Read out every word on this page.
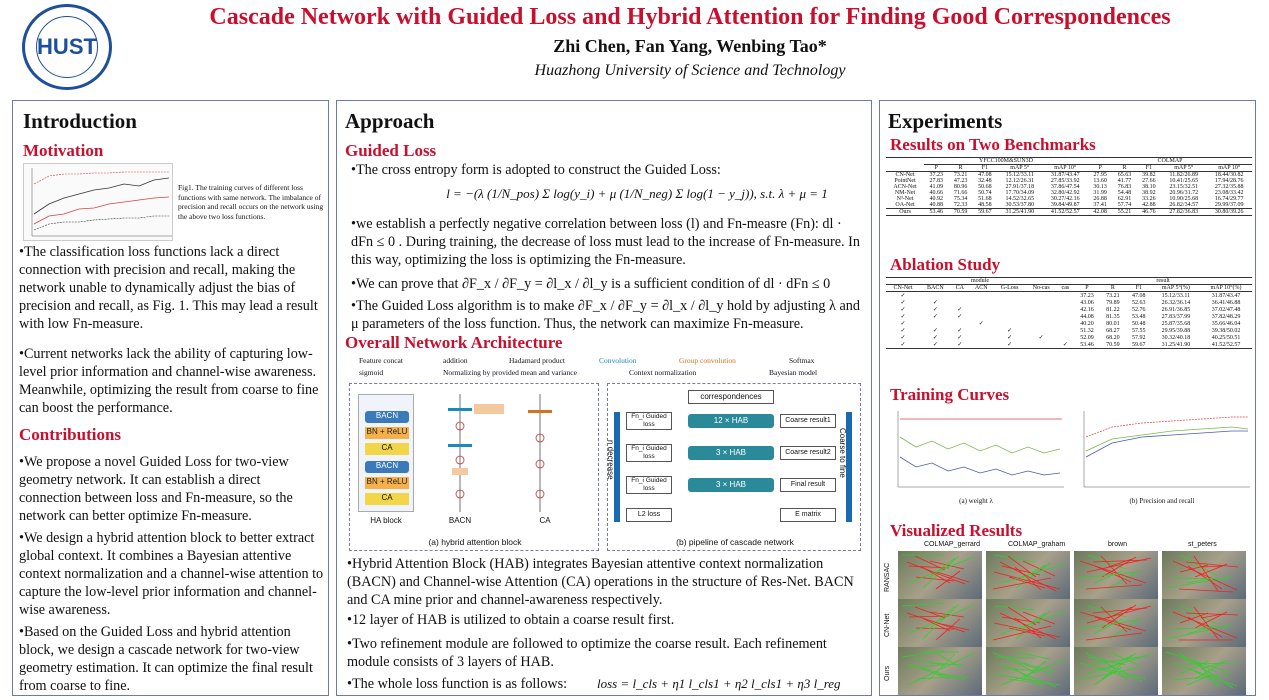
HUST
Cascade Network with Guided Loss and Hybrid Attention for Finding Good Correspondences
Zhi Chen, Fan Yang, Wenbing Tao*
Huazhong University of Science and Technology
Introduction
Motivation
Fig1. The training curves of different loss functions with same network. The imbalance of precision and recall occurs on the network using the above two loss functions.
•The classification loss functions lack a direct connection with precision and recall, making the network unable to dynamically adjust the bias of precision and recall, as Fig. 1. This may lead a result with low Fn-measure.
•Current networks lack the ability of capturing low-level prior information and channel-wise awareness. Meanwhile, optimizing the result from coarse to fine can boost the performance.
Contributions
•We propose a novel Guided Loss for two-view geometry network. It can establish a direct connection between loss and Fn-measure, so the network can better optimize Fn-measure.
•We design a hybrid attention block to better extract global context. It combines a Bayesian attentive context normalization and a channel-wise attention to capture the low-level prior information and channel-wise awareness.
•Based on the Guided Loss and hybrid attention block, we design a cascade network for two-view geometry estimation. It can optimize the final result from coarse to fine.
Approach
Guided Loss
•The cross entropy form is adopted to construct the Guided Loss:
l = −(λ (1/N_pos) Σ log(y_i) + μ (1/N_neg) Σ log(1 − y_j)), s.t. λ + μ = 1
•we establish a perfectly negative correlation between loss (l) and Fn-measre (Fn): dl · dFn ≤ 0 . During training, the decrease of loss must lead to the increase of Fn-measure. In this way, optimizing the loss is optimizing the Fn-measure.
•We can prove that ∂F_x / ∂F_y = ∂l_x / ∂l_y is a sufficient condition of dl · dFn ≤ 0
•The Guided Loss algorithm is to make ∂F_x / ∂F_y = ∂l_x / ∂l_y hold by adjusting λ and μ parameters of the loss function. Thus, the network can maximize Fn-measure.
Overall Network Architecture
Feature concat	addition	Hadamard product	Convolution	Group convolution	Softmax
sigmoid	Normalizing by provided mean and variance	Context normalization	Bayesian model
BACN
BN + ReLU
CA
BACN
BN + ReLU
CA
HA block	BACN	CA
(a) hybrid attention block
correspondences
12 × HAB
3 × HAB
3 × HAB
Coarse result1
Coarse result2
Final result
E matrix
L2 loss
Fn_i Guided loss
Fn_i Guided loss
Fn_i Guided loss
n decrease	Coarse to fine
(b) pipeline of cascade network
•Hybrid Attention Block (HAB) integrates Bayesian attentive context normalization (BACN) and Channel-wise Attention (CA) operations in the structure of Res-Net. BACN and CA mine prior and channel-awareness respectively.
•12 layer of HAB is utilized to obtain a coarse result first.
•Two refinement module are followed to optimize the coarse result. Each refinement module consists of 3 layers of HAB.
•The whole loss function is as follows:	loss = l_cls + η1 l_cls1 + η2 l_cls1 + η3 l_reg
Experiments
Results on Two Benchmarks
	YFCC100M&SUN3D					COLMAP				
	P	R	F1	mAP 5°	mAP 10°	P	R	F1	mAP 5°	mAP 10°
CN-Net	37.23	73.21	47.08	15.12/33.11	31.87/43.47	27.95	65.63	39.82	11.82/26.89	18.44/30.82
PointNet	27.83	47.23	32.48	12.12/26.31	27.85/33.92	13.60	41.77	27.66	10.41/25.65	17.94/28.76
ACN-Net	41.09	80.96	50.68	27.91/37.18	37.86/47.54	30.13	76.83	38.10	23.15/32.51	27.32/35.88
NM-Net	40.66	71.66	50.74	17.70/34.09	32.80/42.92	31.99	54.48	38.92	20.96/31.72	23.08/33.42
N³-Net	40.92	75.34	51.68	14.52/32.65	30.27/42.16	26.88	62.91	33.26	10.90/25.68	16.74/29.77
OA-Net	40.88	72.33	48.58	30.53/37.80	39.84/49.87	37.41	57.74	42.88	26.82/34.57	29.99/37.09
Ours	53.46	70.59	59.67	31.25/41.90	41.52/52.57	42.08	55.21	46.76	27.82/36.83	30.80/39.26
Ablation Study
module							result				
CN-Net	BACN	CA	ACN	G-Loss	No-cas	cas	P	R	F1	mAP 5°(%)	mAP 10°(%)
✓							37.23	73.21	47.08	15.12/33.11	31.87/43.47
✓	✓						43.06	79.89	52.63	26.32/36.14	36.41/46.88
✓	✓	✓					42.16	81.22	52.76	26.91/36.85	37.02/47.48
✓	✓	✓					44.08	81.35	53.48	27.83/37.99	37.82/48.29
✓			✓				40.20	80.01	50.48	25.87/35.68	35.66/46.04
✓	✓	✓		✓			51.32	68.27	57.55	29.95/39.88	39.38/50.02
✓	✓	✓		✓	✓		52.09	68.20	57.92	30.32/40.18	40.25/50.51
✓	✓	✓		✓		✓	53.46	70.59	59.67	31.25/41.90	41.52/52.57
Training Curves
(a) weight λ	(b) Precision and recall
Visualized Results
COLMAP_gerrard	COLMAP_graham	brown	st_peters
RANSAC
CN-Net
Ours
